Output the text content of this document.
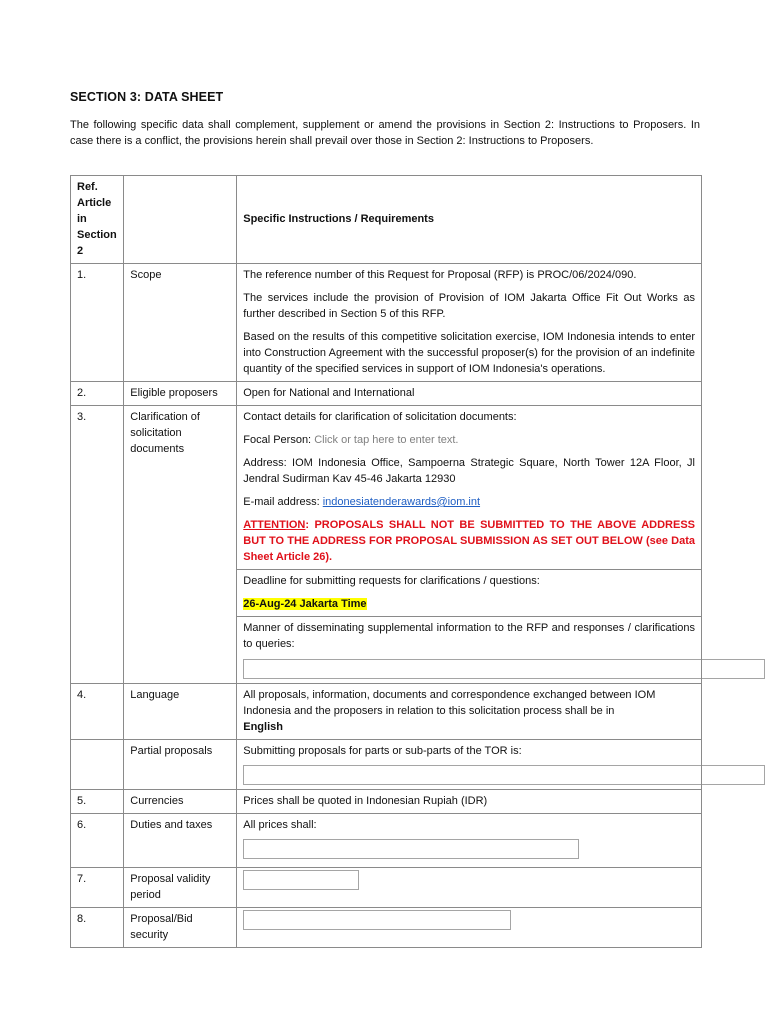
SECTION 3: DATA SHEET

The following specific data shall complement, supplement or amend the provisions in Section 2: Instructions to Proposers. In case there is a conflict, the provisions herein shall prevail over those in Section 2: Instructions to Proposers.

Ref. Article in Section 2		Specific Instructions / Requirements
1.	Scope	The reference number of this Request for Proposal (RFP) is PROC/06/2024/090.

The services include the provision of Provision of IOM Jakarta Office Fit Out Works as further described in Section 5 of this RFP.

Based on the results of this competitive solicitation exercise, IOM Indonesia intends to enter into Construction Agreement with the successful proposer(s) for the provision of an indefinite quantity of the specified services in support of IOM Indonesia's operations.

2.	Eligible proposers	Open for National and International
3.	Clarification of solicitation documents	Contact details for clarification of solicitation documents:

Focal Person: Click or tap here to enter text.

Address: IOM Indonesia Office, Sampoerna Strategic Square, North Tower 12A Floor, Jl Jendral Sudirman Kav 45-46 Jakarta 12930

E-mail address: indonesiatenderawards@iom.int

ATTENTION: PROPOSALS SHALL NOT BE SUBMITTED TO THE ABOVE ADDRESS BUT TO THE ADDRESS FOR PROPOSAL SUBMISSION AS SET OUT BELOW (see Data Sheet Article 26).

		Deadline for submitting requests for clarifications / questions:

26-Aug-24 Jakarta Time

		Manner of disseminating supplemental information to the RFP and responses / clarifications to queries:

4.	Language	All proposals, information, documents and correspondence exchanged between IOM Indonesia and the proposers in relation to this solicitation process shall be in
English

	Partial proposals	Submitting proposals for parts or sub-parts of the TOR is:

5.	Currencies	Prices shall be quoted in Indonesian Rupiah (IDR)
6.	Duties and taxes	All prices shall:

7.	Proposal validity period	

8.	Proposal/Bid security	
